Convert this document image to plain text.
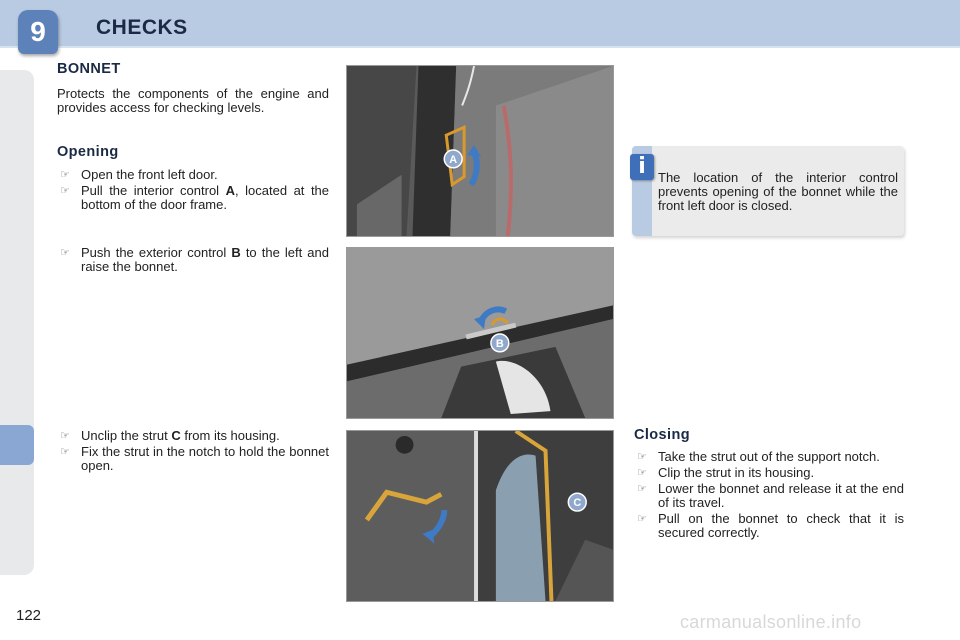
9	CHECKS
BONNET

Protects the components of the engine and provides access for checking levels.

Opening
☞ Open the front left door.
☞ Pull the interior control A, located at the bottom of the door frame.
☞ Push the exterior control B to the left and raise the bonnet.
☞ Unclip the strut C from its housing.
☞ Fix the strut in the notch to hold the bonnet open.
A
B
C
i The location of the interior control prevents opening of the bonnet while the front left door is closed.

Closing
☞ Take the strut out of the support notch.
☞ Clip the strut in its housing.
☞ Lower the bonnet and release it at the end of its travel.
☞ Pull on the bonnet to check that it is secured correctly.
122	carmanualsonline.info
